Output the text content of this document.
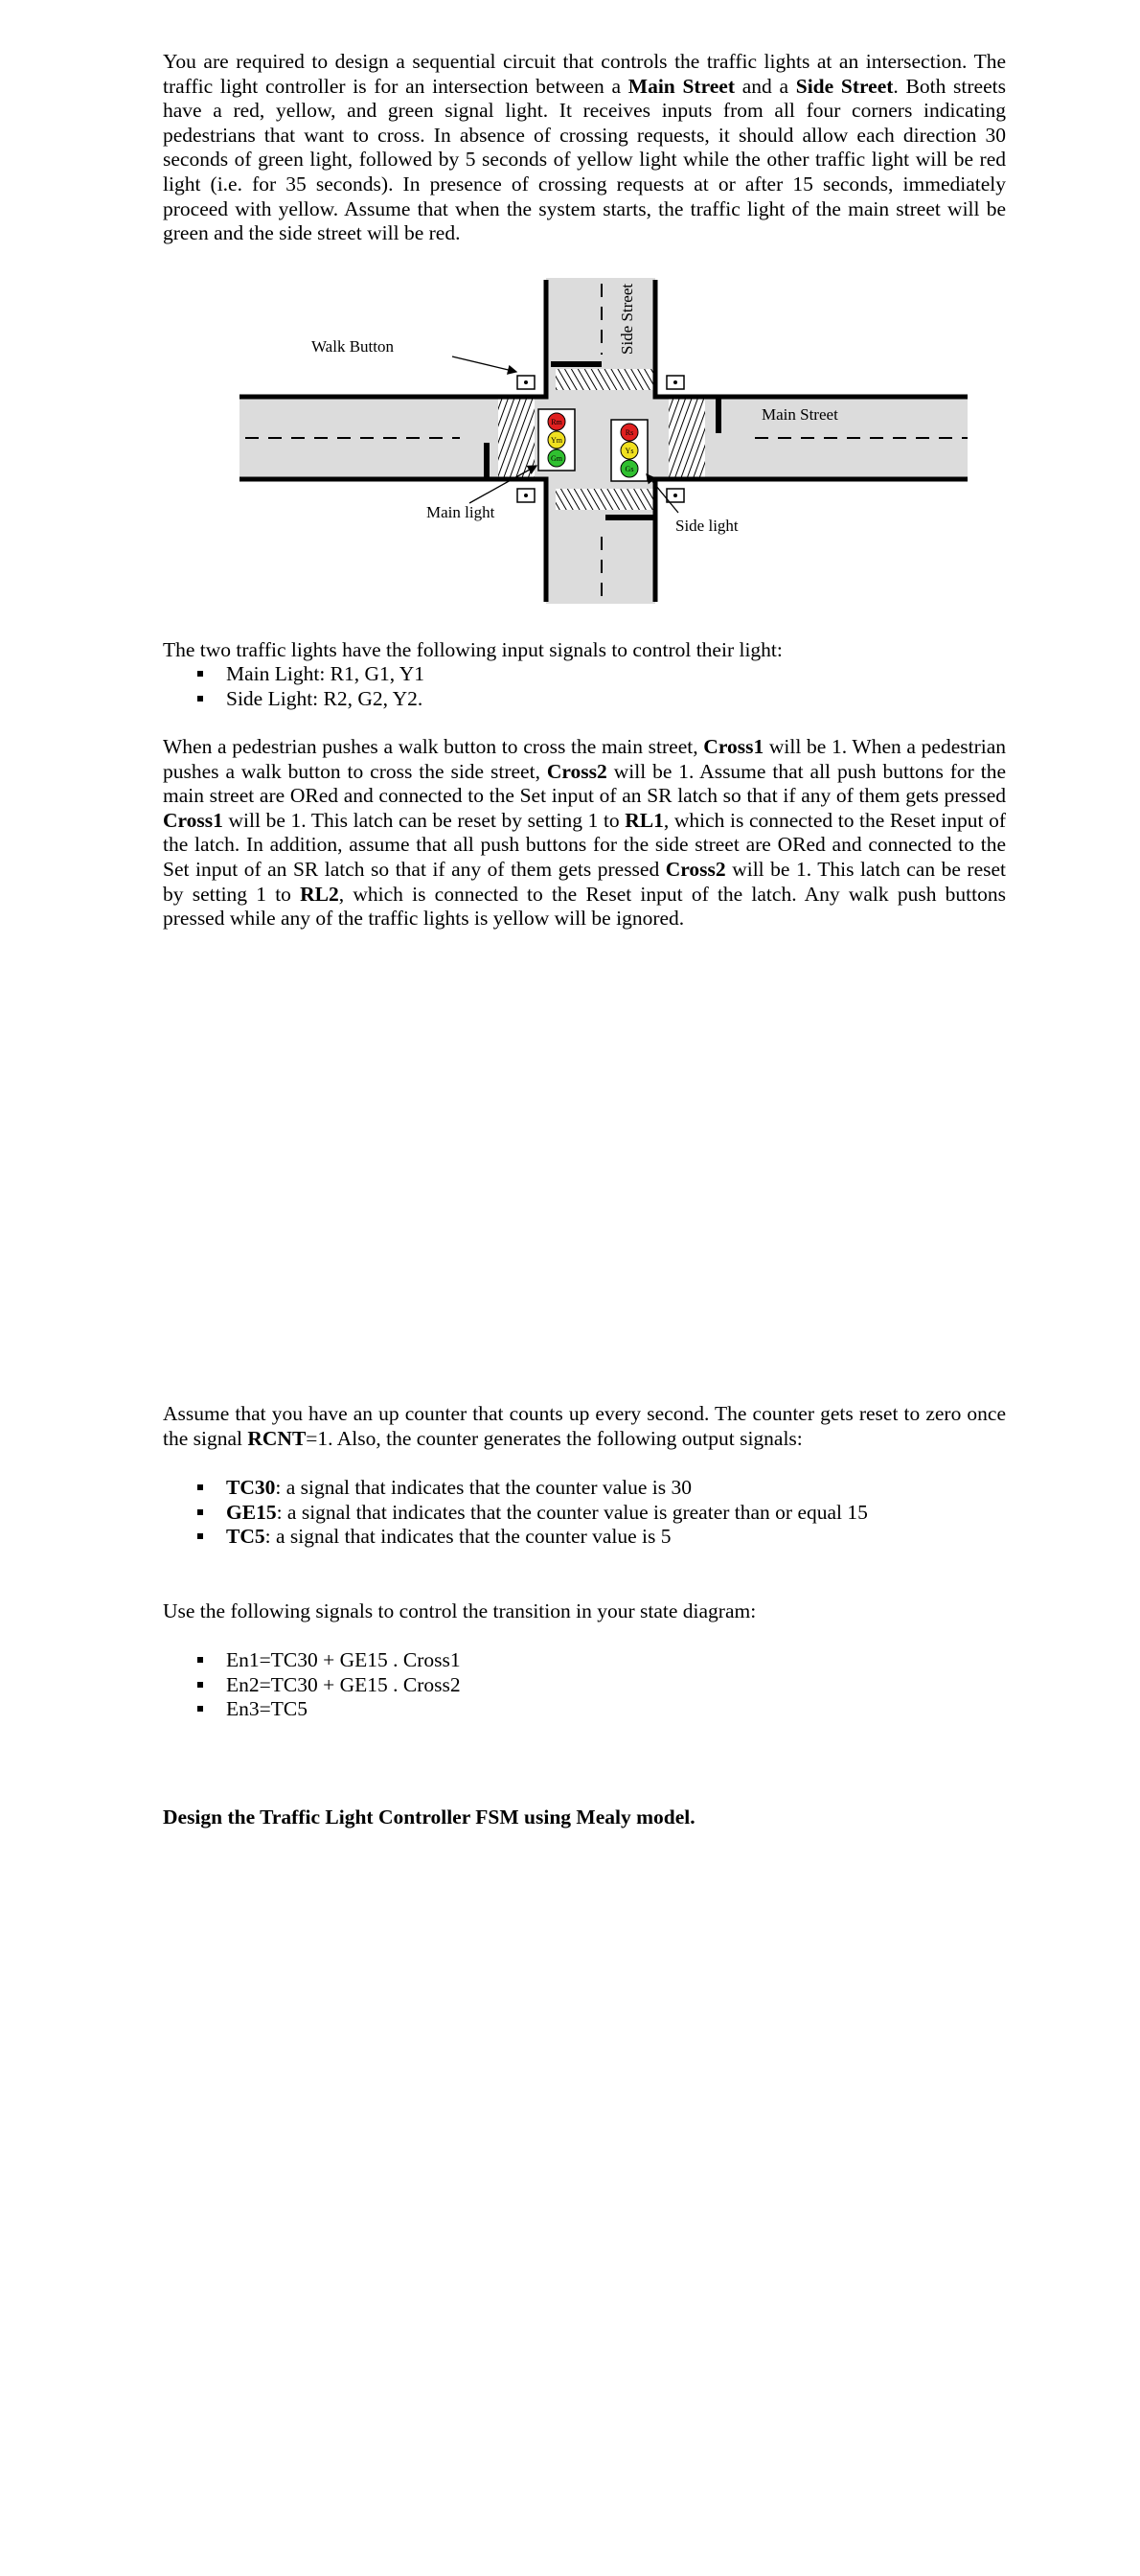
You are required to design a sequential circuit that controls the traffic lights at an intersection. The traffic light controller is for an intersection between a Main Street and a Side Street. Both streets have a red, yellow, and green signal light. It receives inputs from all four corners indicating pedestrians that want to cross. In absence of crossing requests, it should allow each direction 30 seconds of green light, followed by 5 seconds of yellow light while the other traffic light will be red light (i.e. for 35 seconds). In presence of crossing requests at or after 15 seconds, immediately proceed with yellow. Assume that when the system starts, the traffic light of the main street will be green and the side street will be red.

Side Street
Main Street
Rm
Ym
Gm
Rs
Ys
Gs
Walk Button
Main light
Side light

The two traffic lights have the following input signals to control their light:

Main Light: R1, G1, Y1
Side Light: R2, G2, Y2.

When a pedestrian pushes a walk button to cross the main street, Cross1 will be 1. When a pedestrian pushes a walk button to cross the side street, Cross2 will be 1. Assume that all push buttons for the main street are ORed and connected to the Set input of an SR latch so that if any of them gets pressed Cross1 will be 1. This latch can be reset by setting 1 to RL1, which is connected to the Reset input of the latch. In addition, assume that all push buttons for the side street are ORed and connected to the Set input of an SR latch so that if any of them gets pressed Cross2 will be 1. This latch can be reset by setting 1 to RL2, which is connected to the Reset input of the latch. Any walk push buttons pressed while any of the traffic lights is yellow will be ignored.

Assume that you have an up counter that counts up every second. The counter gets reset to zero once the signal RCNT=1. Also, the counter generates the following output signals:

TC30: a signal that indicates that the counter value is 30
GE15: a signal that indicates that the counter value is greater than or equal 15
TC5: a signal that indicates that the counter value is 5

Use the following signals to control the transition in your state diagram:

En1=TC30 + GE15 . Cross1
En2=TC30 + GE15 . Cross2
En3=TC5
Design the Traffic Light Controller FSM using Mealy model.
